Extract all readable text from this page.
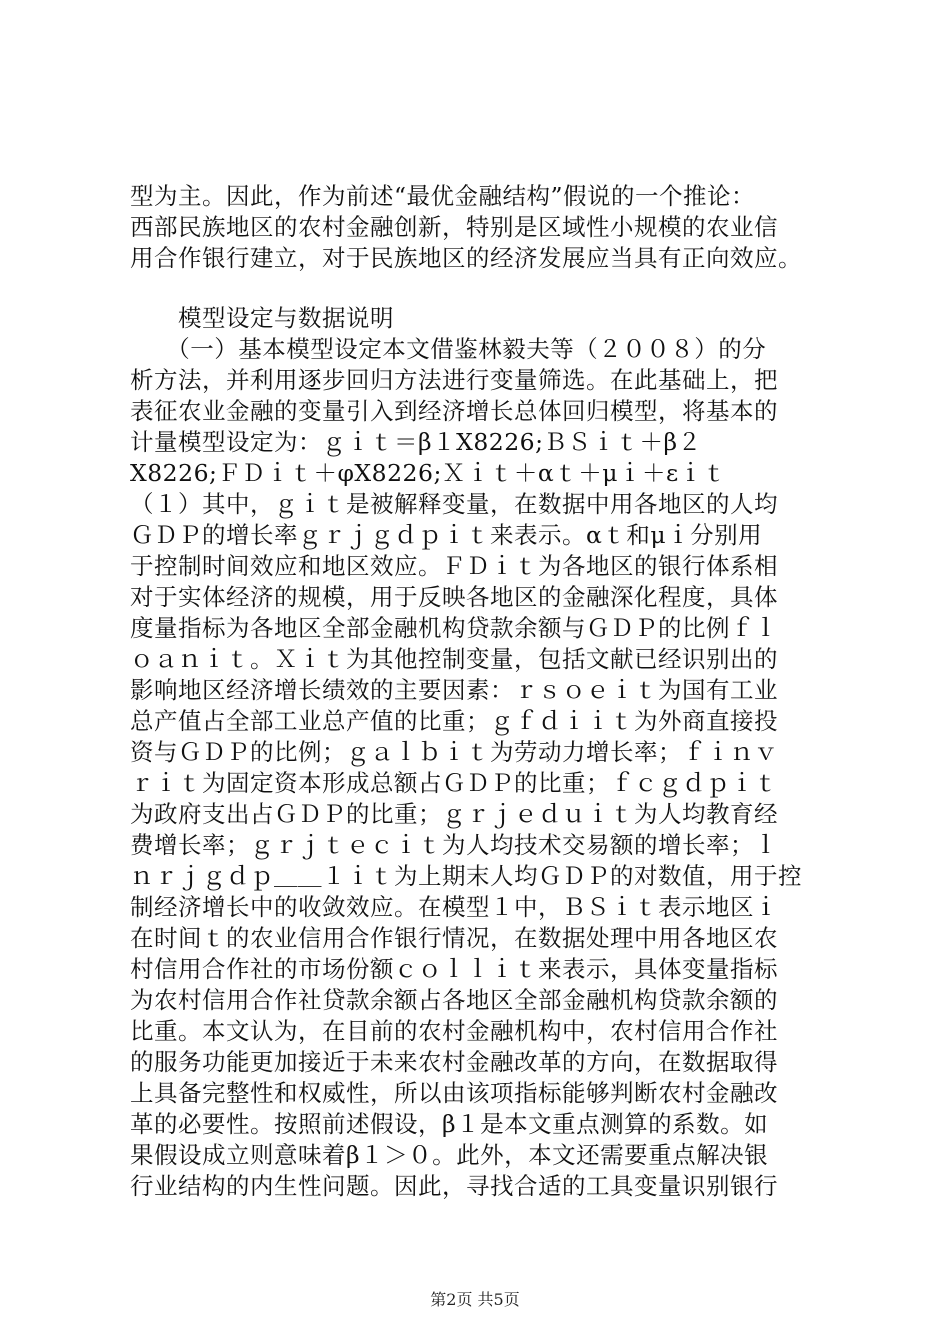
型为主。因此，作为前述“最优金融结构”假说的一个推论：
西部民族地区的农村金融创新，特别是区域性小规模的农业信
用合作银行建立，对于民族地区的经济发展应当具有正向效应。
　　模型设定与数据说明
　　（一）基本模型设定本文借鉴林毅夫等（２００８）的分
析方法，并利用逐步回归方法进行变量筛选。在此基础上，把
表征农业金融的变量引入到经济增长总体回归模型，将基本的
计量模型设定为：ｇｉｔ＝β１X8226;ＢＳｉｔ＋β２
X8226;ＦＤｉｔ＋φX8226;Ｘｉｔ＋αｔ＋μｉ＋εｉｔ
（１）其中，ｇｉｔ是被解释变量，在数据中用各地区的人均
ＧＤＰ的增长率ｇｒｊｇｄｐｉｔ来表示。αｔ和μｉ分别用
于控制时间效应和地区效应。ＦＤｉｔ为各地区的银行体系相
对于实体经济的规模，用于反映各地区的金融深化程度，具体
度量指标为各地区全部金融机构贷款余额与ＧＤＰ的比例ｆｌ
ｏａｎｉｔ。Ｘｉｔ为其他控制变量，包括文献已经识别出的
影响地区经济增长绩效的主要因素：ｒｓｏｅｉｔ为国有工业
总产值占全部工业总产值的比重；ｇｆｄｉｉｔ为外商直接投
资与ＧＤＰ的比例；ｇａｌｂｉｔ为劳动力增长率；ｆｉｎｖ
ｒｉｔ为固定资本形成总额占ＧＤＰ的比重；ｆｃｇｄｐｉｔ
为政府支出占ＧＤＰ的比重；ｇｒｊｅｄｕｉｔ为人均教育经
费增长率；ｇｒｊｔｅｃｉｔ为人均技术交易额的增长率；ｌ
ｎｒｊｇｄｐ＿＿１ｉｔ为上期末人均ＧＤＰ的对数值，用于控
制经济增长中的收敛效应。在模型１中，ＢＳｉｔ表示地区ｉ
在时间ｔ的农业信用合作银行情况，在数据处理中用各地区农
村信用合作社的市场份额ｃｏｌｌｉｔ来表示，具体变量指标
为农村信用合作社贷款余额占各地区全部金融机构贷款余额的
比重。本文认为，在目前的农村金融机构中，农村信用合作社
的服务功能更加接近于未来农村金融改革的方向，在数据取得
上具备完整性和权威性，所以由该项指标能够判断农村金融改
革的必要性。按照前述假设，β１是本文重点测算的系数。如
果假设成立则意味着β１＞０。此外，本文还需要重点解决银
行业结构的内生性问题。因此，寻找合适的工具变量识别银行
第2页 共5页
